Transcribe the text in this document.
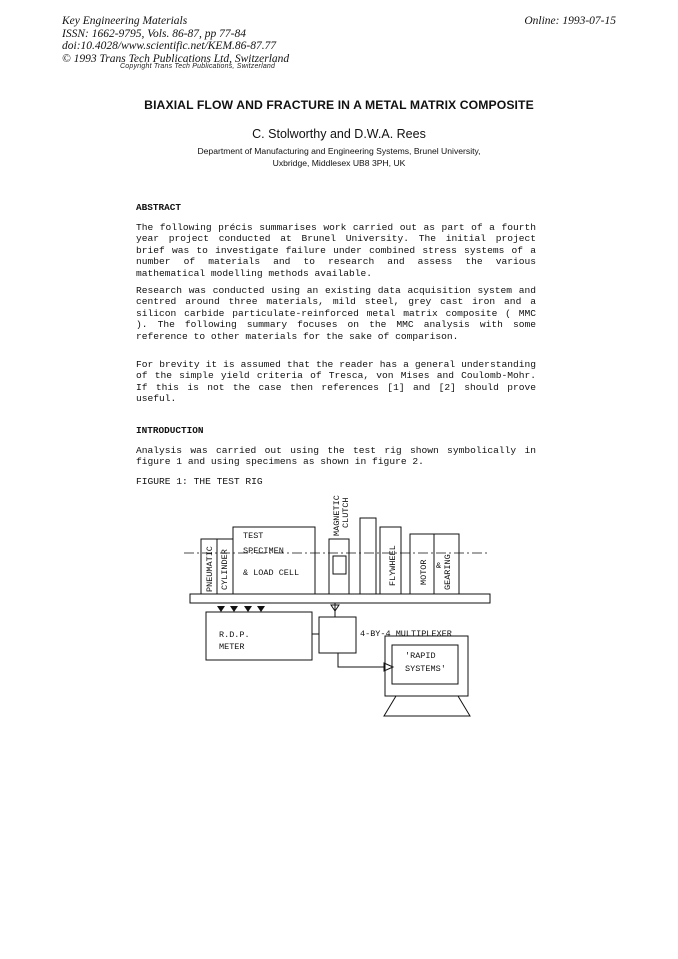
Key Engineering Materials
ISSN: 1662-9795, Vols. 86-87, pp 77-84
doi:10.4028/www.scientific.net/KEM.86-87.77
© 1993 Trans Tech Publications Ltd, Switzerland
Online: 1993-07-15
Copyright Trans Tech Publications, Switzerland
BIAXIAL FLOW AND FRACTURE IN A METAL MATRIX COMPOSITE
C. Stolworthy and D.W.A. Rees
Department of Manufacturing and Engineering Systems, Brunel University,
Uxbridge, Middlesex UB8 3PH, UK
ABSTRACT

The following précis summarises work carried out as part of a fourth year project conducted at Brunel University. The initial project brief was to investigate failure under combined stress systems of a number of materials and to research and assess the various mathematical modelling methods available.

Research was conducted using an existing data acquisition system and centred around three materials, mild steel, grey cast iron and a silicon carbide particulate-reinforced metal matrix composite ( MMC ). The following summary focuses on the MMC analysis with some reference to other materials for the sake of comparison.

For brevity it is assumed that the reader has a general understanding of the simple yield criteria of Tresca, von Mises and Coulomb-Mohr. If this is not the case then references [1] and [2] should prove useful.

INTRODUCTION

Analysis was carried out using the test rig shown symbolically in figure 1 and using specimens as shown in figure 2.

FIGURE 1: THE TEST RIG
PNEUMATIC CYLINDER
TEST
SPECIMEN
& LOAD CELL
MAGNETIC CLUTCH
FLYWHEEL MOTOR & GEARING
R.D.P.
METER
4-BY-4 MULTIPLEXER
'RAPID
SYSTEMS'
